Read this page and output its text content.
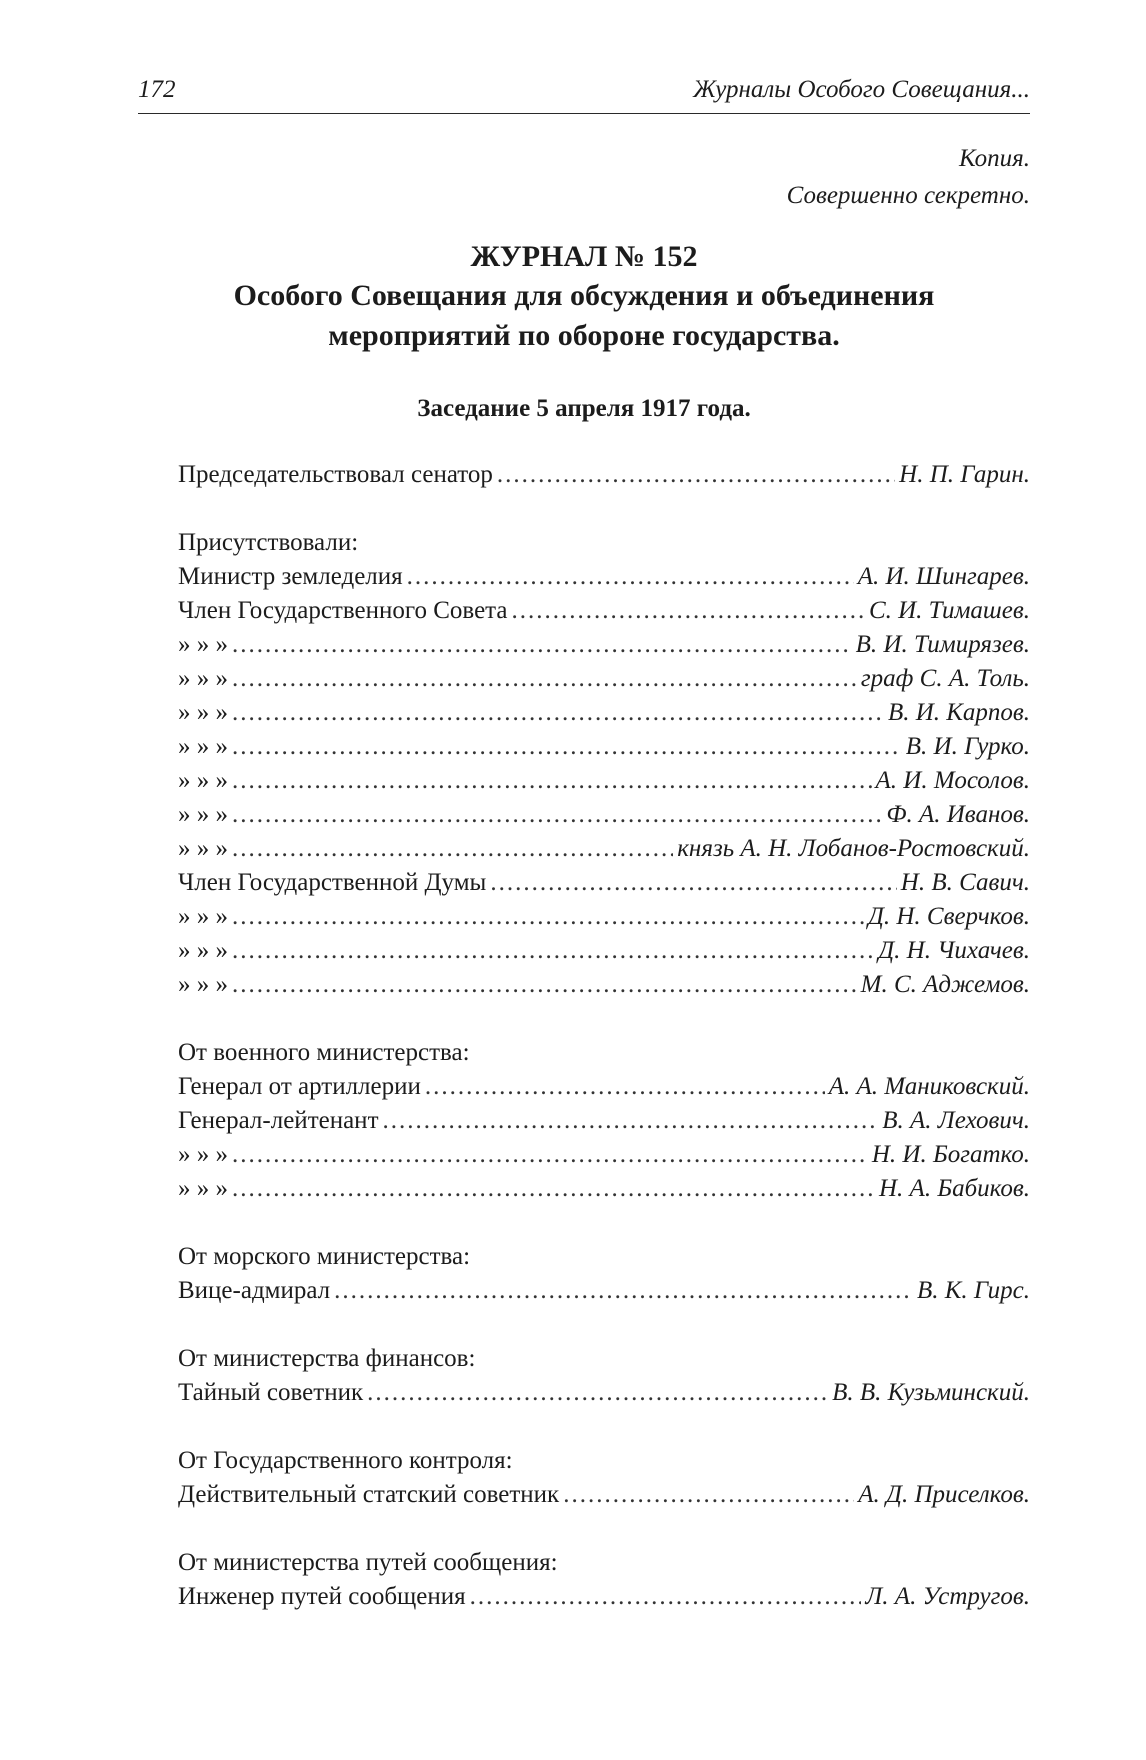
172	Журналы Особого Совещания...
Копия.
Совершенно секретно.
ЖУРНАЛ № 152
Особого Совещания для обсуждения и объединения
мероприятий по обороне государства.
Заседание 5 апреля 1917 года.
Председательствовал сенатор .....	Н. П. Гарин.
Присутствовали:
Министр земледелия .....	А. И. Шингарев.
Член Государственного Совета .....	С. И. Тимашев.
» » » .....	В. И. Тимирязев.
» » » .....	граф С. А. Толь.
» » » .....	В. И. Карпов.
» » » .....	В. И. Гурко.
» » » .....	А. И. Мосолов.
» » » .....	Ф. А. Иванов.
» » » .....	князь А. Н. Лобанов-Ростовский.
Член Государственной Думы .....	Н. В. Савич.
» » » .....	Д. Н. Сверчков.
» » » .....	Д. Н. Чихачев.
» » » .....	М. С. Аджемов.
От военного министерства:
Генерал от артиллерии .....	А. А. Маниковский.
Генерал-лейтенант .....	В. А. Лехович.
» » » .....	Н. И. Богатко.
» » » .....	Н. А. Бабиков.
От морского министерства:
Вице-адмирал .....	В. К. Гирс.
От министерства финансов:
Тайный советник .....	В. В. Кузьминский.
От Государственного контроля:
Действительный статский советник .....	А. Д. Приселков.
От министерства путей сообщения:
Инженер путей сообщения .....	Л. А. Устругов.
